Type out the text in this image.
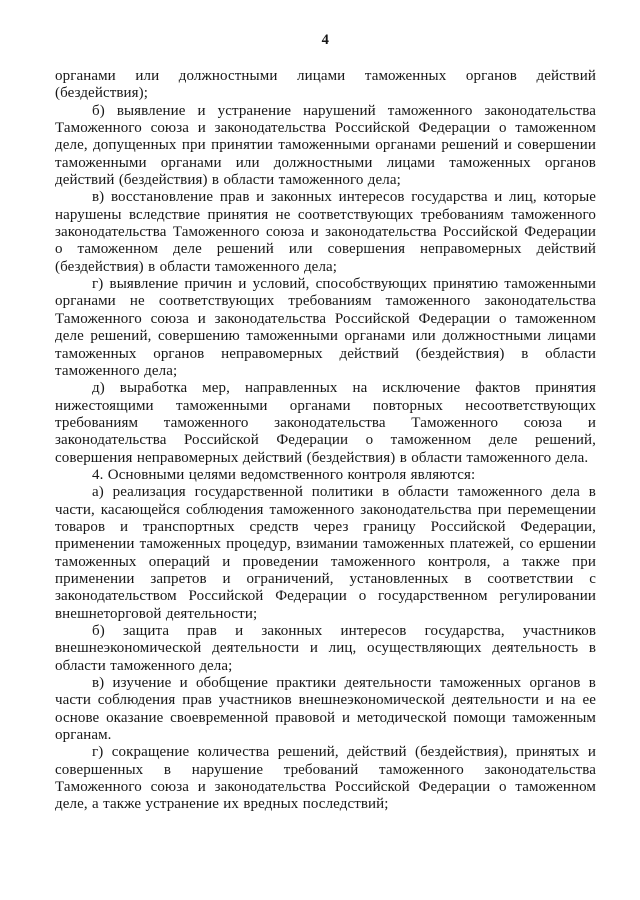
4

органами или должностными лицами таможенных органов действий (бездействия);

б) выявление и устранение нарушений таможенного законодательства Таможенного союза и законодательства Российской Федерации о таможенном деле, допущенных при принятии таможенными органами решений и совершении таможенными органами или должностными лицами таможенных органов действий (бездействия) в области таможенного дела;

в) восстановление прав и законных интересов государства и лиц, которые нарушены вследствие принятия не соответствующих требованиям таможенного законодательства Таможенного союза и законодательства Российской Федерации о таможенном деле решений или совершения неправомерных действий (бездействия) в области таможенного дела;

г) выявление причин и условий, способствующих принятию таможенными органами не соответствующих требованиям таможенного законодательства Таможенного союза и законодательства Российской Федерации о таможенном деле решений, совершению таможенными органами или должностными лицами таможенных органов неправомерных действий (бездействия) в области таможенного дела;

д) выработка мер, направленных на исключение фактов принятия нижестоящими таможенными органами повторных несоответствующих требованиям таможенного законодательства Таможенного союза и законодательства Российской Федерации о таможенном деле решений, совершения неправомерных действий (бездействия) в области таможенного дела.

4. Основными целями ведомственного контроля являются:

а) реализация государственной политики в области таможенного дела в части, касающейся соблюдения таможенного законодательства при перемещении товаров и транспортных средств через границу Российской Федерации, применении таможенных процедур, взимании таможенных платежей, со ершении таможенных операций и проведении таможенного контроля, а также при применении запретов и ограничений, установленных в соответствии с законодательством Российской Федерации о государственном регулировании внешнеторговой деятельности;

б) защита прав и законных интересов государства, участников внешнеэкономической деятельности и лиц, осуществляющих деятельность в области таможенного дела;

в) изучение и обобщение практики деятельности таможенных органов в части соблюдения прав участников внешнеэкономической деятельности и на ее основе оказание своевременной правовой и методической помощи таможенным органам.

г) сокращение количества решений, действий (бездействия), принятых и совершенных в нарушение требований таможенного законодательства Таможенного союза и законодательства Российской Федерации о таможенном деле, а также устранение их вредных последствий;
